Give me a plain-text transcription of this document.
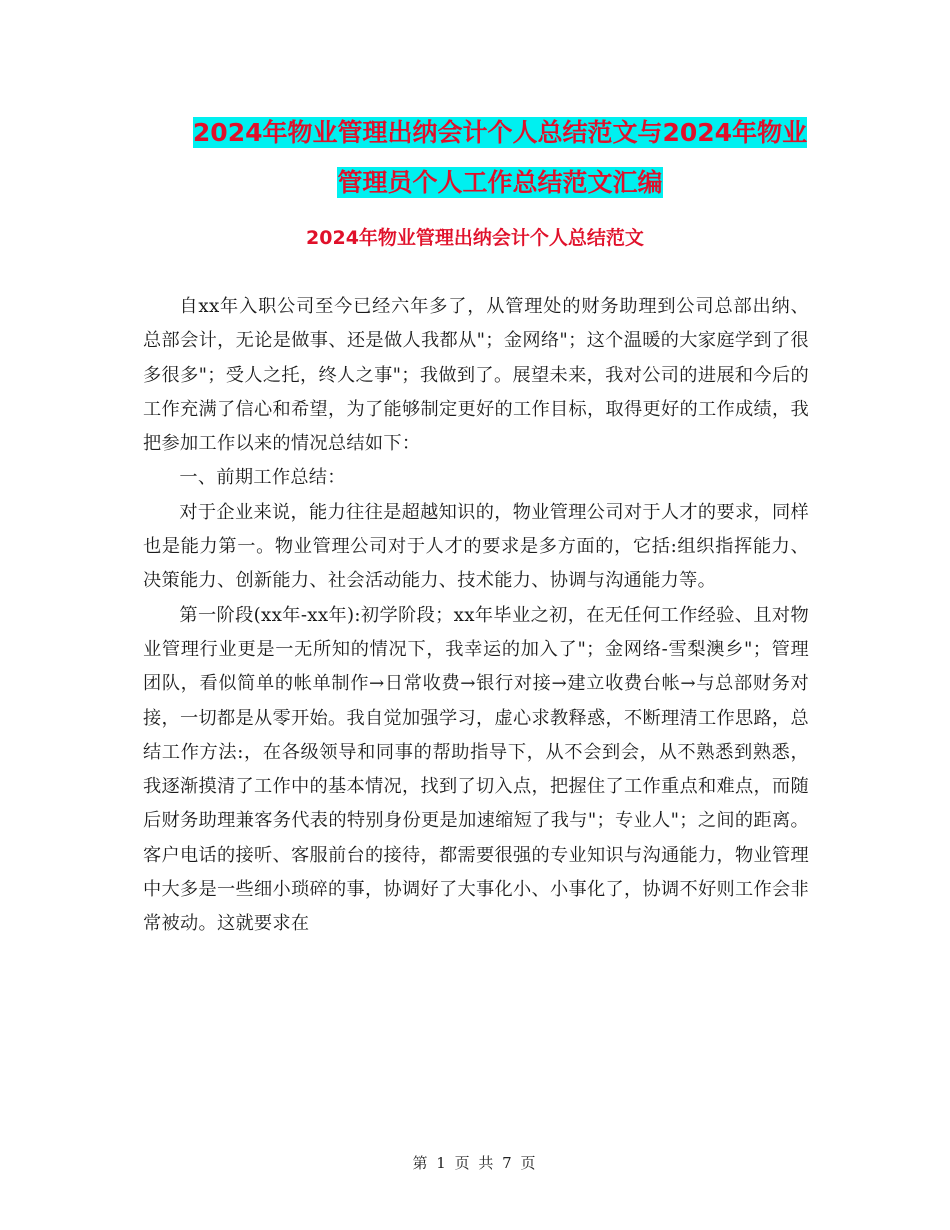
2024年物业管理出纳会计个人总结范文与2024年物业
管理员个人工作总结范文汇编
2024年物业管理出纳会计个人总结范文

自xx年入职公司至今已经六年多了，从管理处的财务助理到公司总部出纳、总部会计，无论是做事、还是做人我都从"；金网络"；这个温暖的大家庭学到了很多很多"；受人之托，终人之事"；我做到了。展望未来，我对公司的进展和今后的工作充满了信心和希望，为了能够制定更好的工作目标，取得更好的工作成绩，我把参加工作以来的情况总结如下：

一、前期工作总结：

对于企业来说，能力往往是超越知识的，物业管理公司对于人才的要求，同样也是能力第一。物业管理公司对于人才的要求是多方面的，它括:组织指挥能力、决策能力、创新能力、社会活动能力、技术能力、协调与沟通能力等。

第一阶段(xx年-xx年):初学阶段；xx年毕业之初，在无任何工作经验、且对物业管理行业更是一无所知的情况下，我幸运的加入了"；金网络-雪梨澳乡"；管理团队，看似简单的帐单制作→日常收费→银行对接→建立收费台帐→与总部财务对接，一切都是从零开始。我自觉加强学习，虚心求教释惑，不断理清工作思路，总结工作方法:，在各级领导和同事的帮助指导下，从不会到会，从不熟悉到熟悉，我逐渐摸清了工作中的基本情况，找到了切入点，把握住了工作重点和难点，而随后财务助理兼客务代表的特别身份更是加速缩短了我与"；专业人"；之间的距离。客户电话的接听、客服前台的接待，都需要很强的专业知识与沟通能力，物业管理中大多是一些细小琐碎的事，协调好了大事化小、小事化了，协调不好则工作会非常被动。这就要求在

第 1 页 共 7 页
